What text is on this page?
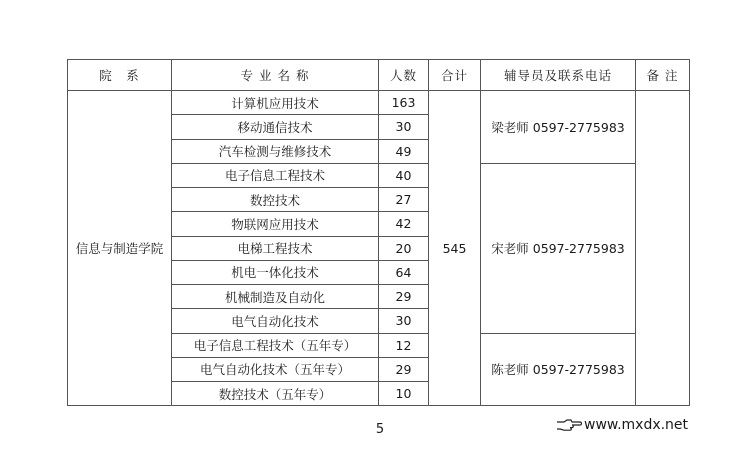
院　系	专 业 名 称	人数	合计	辅导员及联系电话	备 注
信息与制造学院	计算机应用技术	163	545	梁老师 0597-2775983	
	移动通信技术	30			
	汽车检测与维修技术	49			
	电子信息工程技术	40		宋老师 0597-2775983	
	数控技术	27			
	物联网应用技术	42			
	电梯工程技术	20			
	机电一体化技术	64			
	机械制造及自动化	29			
	电气自动化技术	30			
	电子信息工程技术（五年专）	12		陈老师 0597-2775983	
	电气自动化技术（五年专）	29			
	数控技术（五年专）	10			
5	www.mxdx.net
